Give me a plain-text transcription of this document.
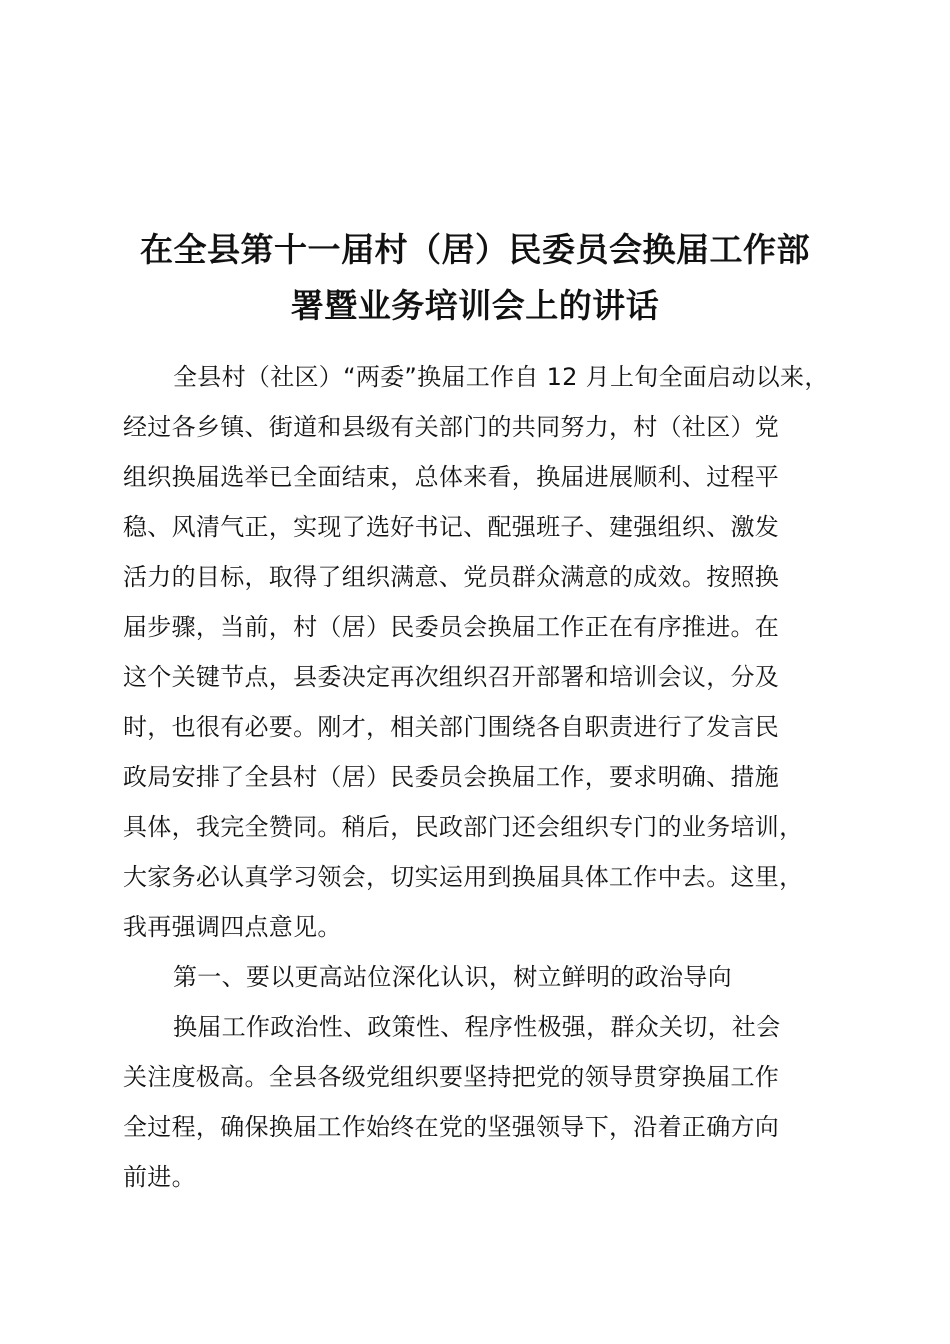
在全县第十一届村（居）民委员会换届工作部
署暨业务培训会上的讲话
全县村（社区）“两委”换届工作自 12 月上旬全面启动以来，
经过各乡镇、街道和县级有关部门的共同努力，村（社区）党
组织换届选举已全面结束，总体来看，换届进展顺利、过程平
稳、风清气正，实现了选好书记、配强班子、建强组织、激发
活力的目标，取得了组织满意、党员群众满意的成效。按照换
届步骤，当前，村（居）民委员会换届工作正在有序推进。在
这个关键节点，县委决定再次组织召开部署和培训会议，分及
时，也很有必要。刚才，相关部门围绕各自职责进行了发言民
政局安排了全县村（居）民委员会换届工作，要求明确、措施
具体，我完全赞同。稍后，民政部门还会组织专门的业务培训，
大家务必认真学习领会，切实运用到换届具体工作中去。这里，
我再强调四点意见。
第一、要以更高站位深化认识，树立鲜明的政治导向
换届工作政治性、政策性、程序性极强，群众关切，社会
关注度极高。全县各级党组织要坚持把党的领导贯穿换届工作
全过程，确保换届工作始终在党的坚强领导下，沿着正确方向
前进。
